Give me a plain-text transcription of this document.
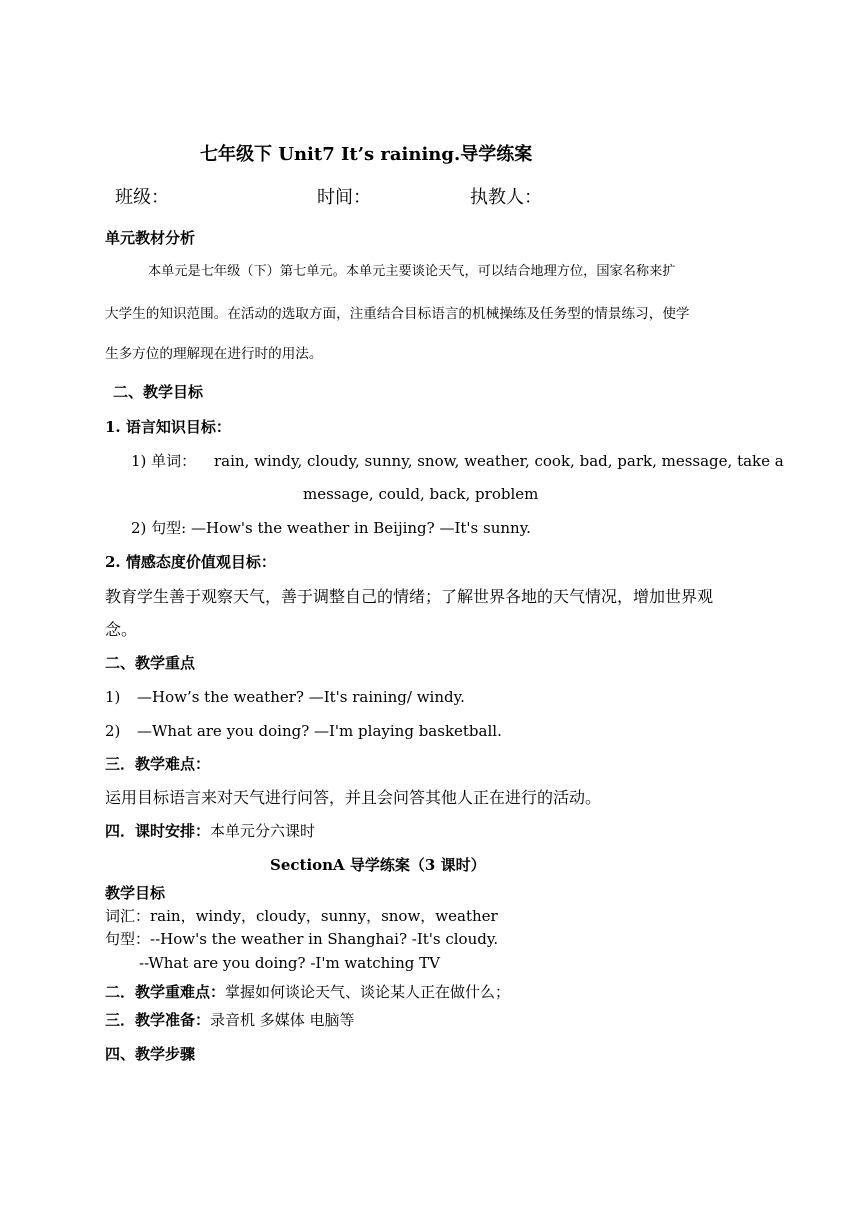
七年级下 Unit7 It’s raining.导学练案
班级：	时间：	执教人：
单元教材分析
本单元是七年级（下）第七单元。本单元主要谈论天气，可以结合地理方位，国家名称来扩
大学生的知识范围。在活动的选取方面，注重结合目标语言的机械操练及任务型的情景练习，使学
生多方位的理解现在进行时的用法。
二、教学目标
1. 语言知识目标：
1) 单词： rain, windy, cloudy, sunny, snow, weather, cook, bad, park, message, take a
message, could, back, problem
2) 句型: —How's the weather in Beijing? —It's sunny.
2. 情感态度价值观目标：
教育学生善于观察天气，善于调整自己的情绪；了解世界各地的天气情况，增加世界观
念。
二、教学重点
1) —How’s the weather? —It's raining/ windy.
2) —What are you doing? —I'm playing basketball.
三．教学难点：
运用目标语言来对天气进行问答，并且会问答其他人正在进行的活动。
四．课时安排：本单元分六课时
SectionA 导学练案（3 课时）
教学目标
词汇：rain，windy，cloudy，sunny，snow，weather
句型：--How's the weather in Shanghai? -It's cloudy.
--What are you doing? -I'm watching TV
二．教学重难点：掌握如何谈论天气、谈论某人正在做什么；
三．教学准备：录音机 多媒体 电脑等
四、教学步骤
